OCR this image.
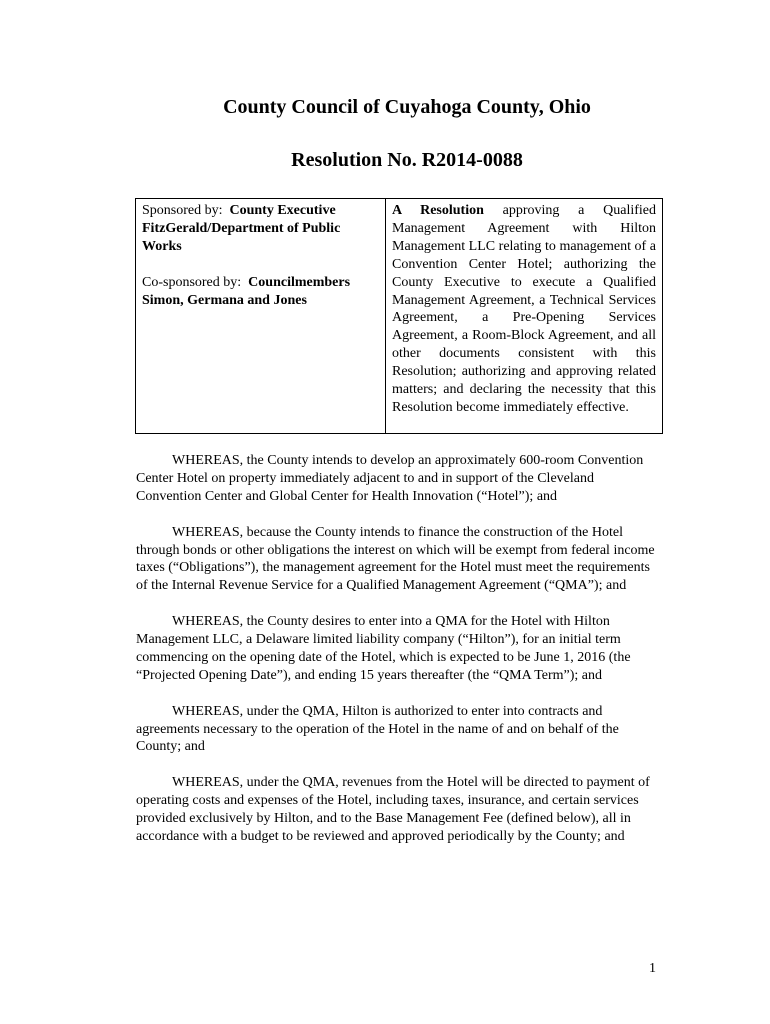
County Council of Cuyahoga County, Ohio
Resolution No. R2014-0088

Sponsored by: County Executive

FitzGerald/Department of Public

Works

Co-sponsored by: Councilmembers

Simon, Germana and Jones

A Resolution approving a Qualified Management Agreement with Hilton Management LLC relating to management of a Convention Center Hotel; authorizing the County Executive to execute a Qualified Management Agreement, a Technical Services Agreement, a Pre-Opening Services Agreement, a Room-Block Agreement, and all other documents consistent with this Resolution; authorizing and approving related matters; and declaring the necessity that this Resolution become immediately effective.

WHEREAS, the County intends to develop an approximately 600-room Convention Center Hotel on property immediately adjacent to and in support of the Cleveland Convention Center and Global Center for Health Innovation (“Hotel”); and

WHEREAS, because the County intends to finance the construction of the Hotel through bonds or other obligations the interest on which will be exempt from federal income taxes (“Obligations”), the management agreement for the Hotel must meet the requirements of the Internal Revenue Service for a Qualified Management Agreement (“QMA”); and

WHEREAS, the County desires to enter into a QMA for the Hotel with Hilton Management LLC, a Delaware limited liability company (“Hilton”), for an initial term commencing on the opening date of the Hotel, which is expected to be June 1, 2016 (the “Projected Opening Date”), and ending 15 years thereafter (the “QMA Term”); and

WHEREAS, under the QMA, Hilton is authorized to enter into contracts and agreements necessary to the operation of the Hotel in the name of and on behalf of the County; and

WHEREAS, under the QMA, revenues from the Hotel will be directed to payment of operating costs and expenses of the Hotel, including taxes, insurance, and certain services provided exclusively by Hilton, and to the Base Management Fee (defined below), all in accordance with a budget to be reviewed and approved periodically by the County; and

1
